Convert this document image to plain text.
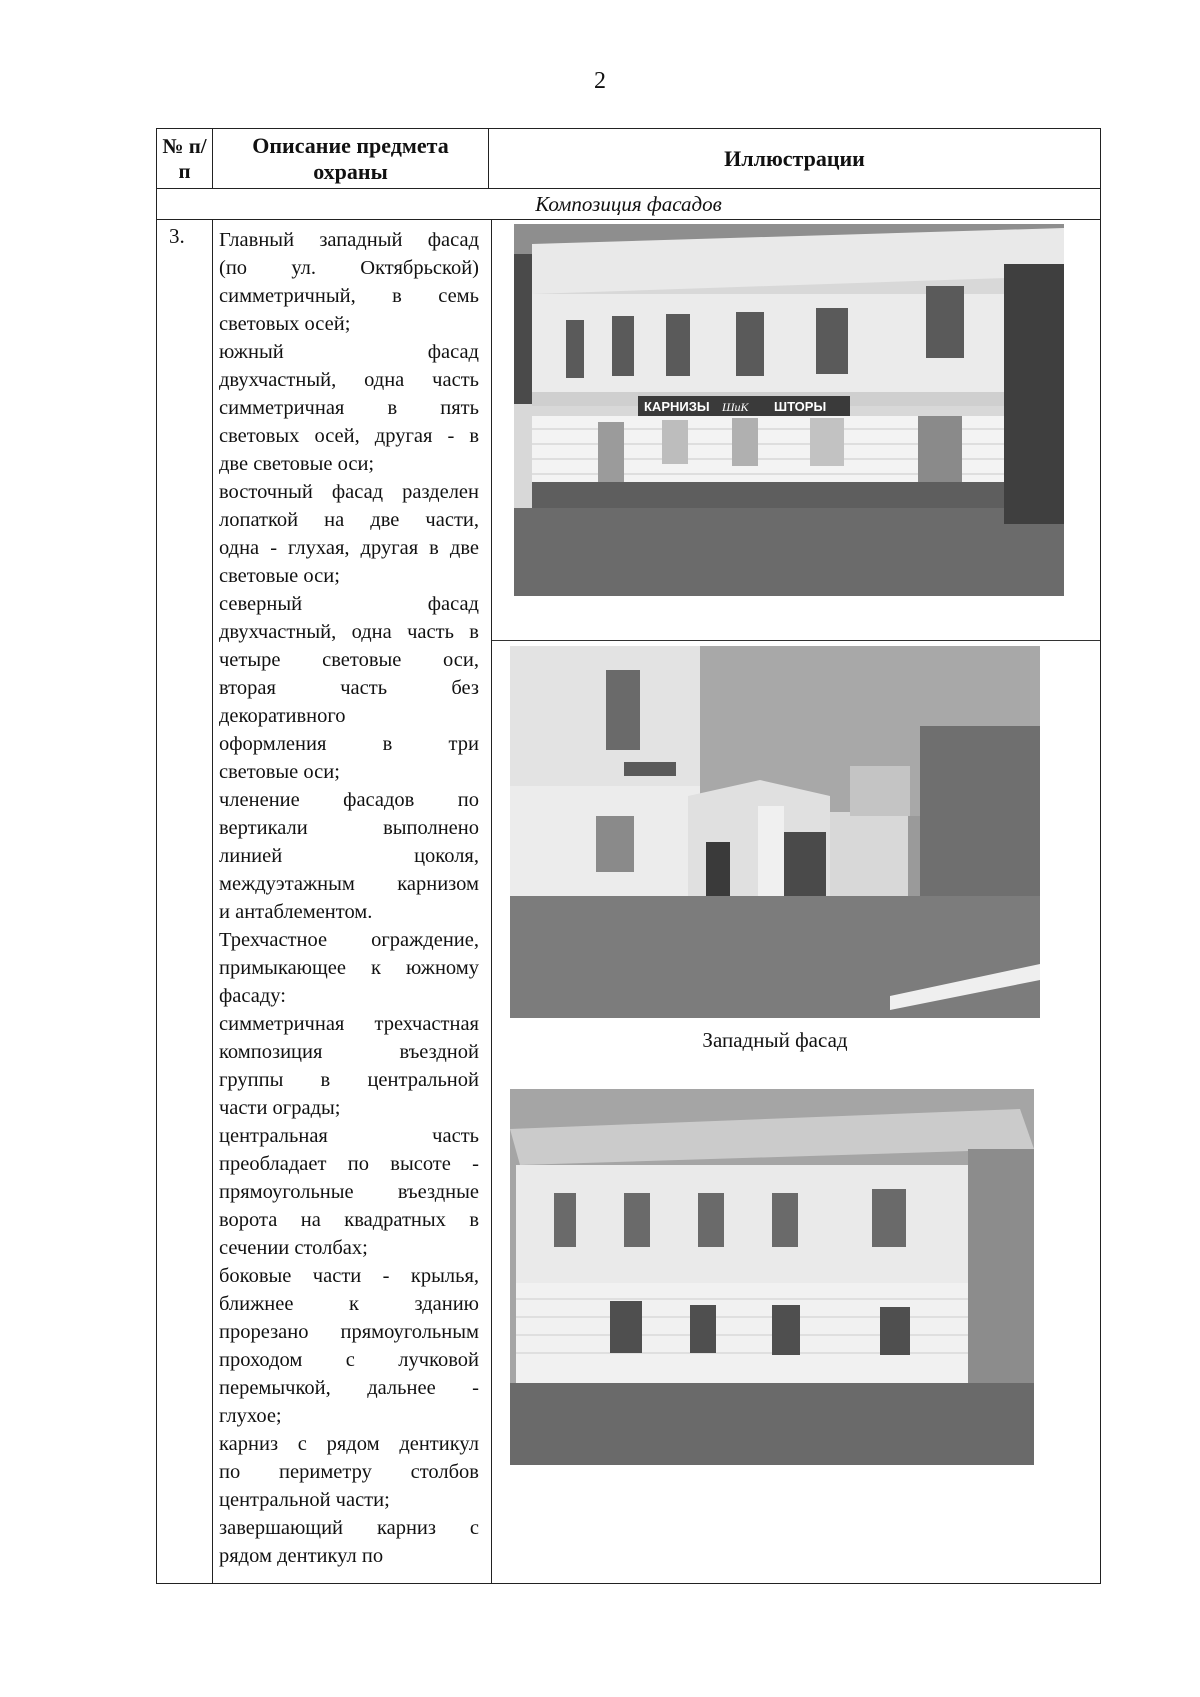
2
№ п/п
Описание предмета охраны
Иллюстрации
Композиция фасадов
3. Главный западный фасад
(по ул. Октябрьской)
симметричный, в семь
световых осей;
южный фасад
двухчастный, одна часть
симметричная в пять
световых осей, другая - в
две световые оси;
восточный фасад разделен
лопаткой на две части,
одна - глухая, другая в две
световые оси;
северный фасад
двухчастный, одна часть в
четыре световые оси,
вторая часть без
декоративного
оформления в три
световые оси;
членение фасадов по
вертикали выполнено
линией цоколя,
междуэтажным карнизом
и антаблементом.
Трехчастное ограждение,
примыкающее к южному
фасаду:
симметричная трехчастная
композиция въездной
группы в центральной
части ограды;
центральная часть
преобладает по высоте -
прямоугольные въездные
ворота на квадратных в
сечении столбах;
боковые части - крылья,
ближнее к зданию
прорезано прямоугольным
проходом с лучковой
перемычкой, дальнее -
глухое;
карниз с рядом дентикул
по периметру столбов
центральной части;
завершающий карниз с
рядом дентикул по
КАРНИЗЫ ШиК ШТОРЫ
Западный фасад
